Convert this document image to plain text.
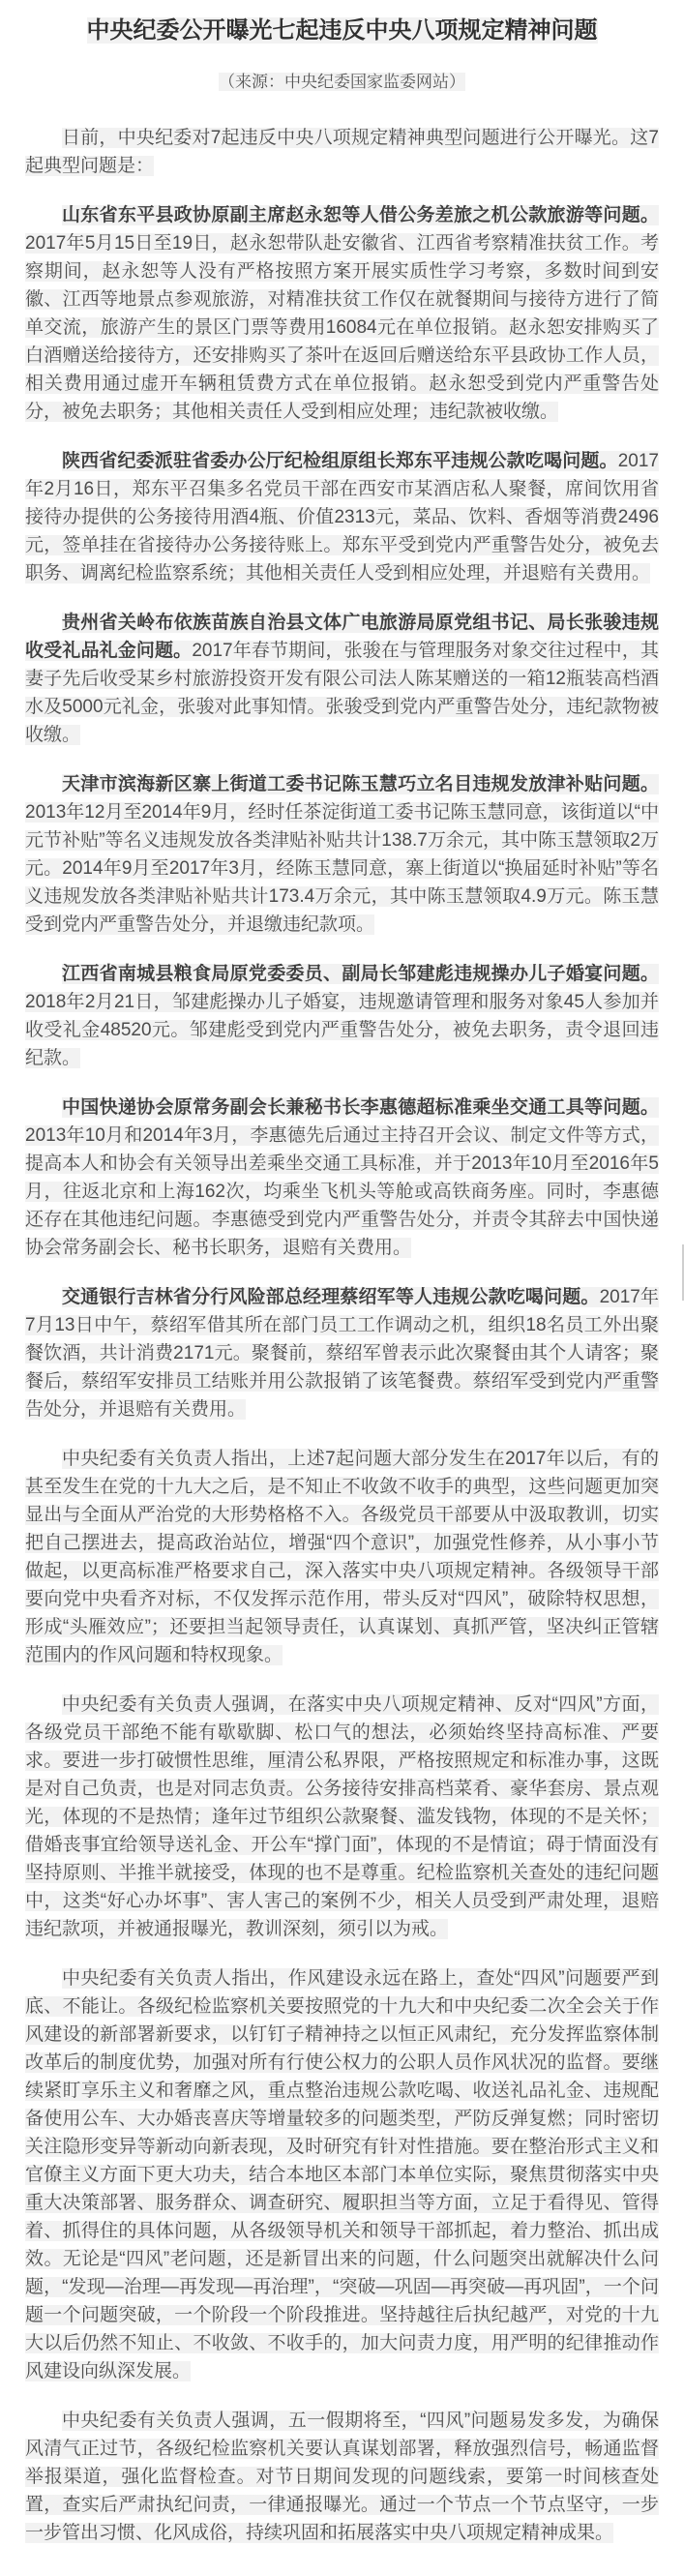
中央纪委公开曝光七起违反中央八项规定精神问题
（来源：中央纪委国家监委网站）

日前，中央纪委对7起违反中央八项规定精神典型问题进行公开曝光。这7起典型问题是：

山东省东平县政协原副主席赵永恕等人借公务差旅之机公款旅游等问题。2017年5月15日至19日，赵永恕带队赴安徽省、江西省考察精准扶贫工作。考察期间，赵永恕等人没有严格按照方案开展实质性学习考察，多数时间到安徽、江西等地景点参观旅游，对精准扶贫工作仅在就餐期间与接待方进行了简单交流，旅游产生的景区门票等费用16084元在单位报销。赵永恕安排购买了白酒赠送给接待方，还安排购买了茶叶在返回后赠送给东平县政协工作人员，相关费用通过虚开车辆租赁费方式在单位报销。赵永恕受到党内严重警告处分，被免去职务；其他相关责任人受到相应处理；违纪款被收缴。

陕西省纪委派驻省委办公厅纪检组原组长郑东平违规公款吃喝问题。2017年2月16日，郑东平召集多名党员干部在西安市某酒店私人聚餐，席间饮用省接待办提供的公务接待用酒4瓶、价值2313元，菜品、饮料、香烟等消费2496元，签单挂在省接待办公务接待账上。郑东平受到党内严重警告处分，被免去职务、调离纪检监察系统；其他相关责任人受到相应处理，并退赔有关费用。

贵州省关岭布依族苗族自治县文体广电旅游局原党组书记、局长张骏违规收受礼品礼金问题。2017年春节期间，张骏在与管理服务对象交往过程中，其妻子先后收受某乡村旅游投资开发有限公司法人陈某赠送的一箱12瓶装高档酒水及5000元礼金，张骏对此事知情。张骏受到党内严重警告处分，违纪款物被收缴。

天津市滨海新区寨上街道工委书记陈玉慧巧立名目违规发放津补贴问题。2013年12月至2014年9月，经时任茶淀街道工委书记陈玉慧同意，该街道以“中元节补贴”等名义违规发放各类津贴补贴共计138.7万余元，其中陈玉慧领取2万元。2014年9月至2017年3月，经陈玉慧同意，寨上街道以“换届延时补贴”等名义违规发放各类津贴补贴共计173.4万余元，其中陈玉慧领取4.9万元。陈玉慧受到党内严重警告处分，并退缴违纪款项。

江西省南城县粮食局原党委委员、副局长邹建彪违规操办儿子婚宴问题。2018年2月21日，邹建彪操办儿子婚宴，违规邀请管理和服务对象45人参加并收受礼金48520元。邹建彪受到党内严重警告处分，被免去职务，责令退回违纪款。

中国快递协会原常务副会长兼秘书长李惠德超标准乘坐交通工具等问题。2013年10月和2014年3月，李惠德先后通过主持召开会议、制定文件等方式，提高本人和协会有关领导出差乘坐交通工具标准，并于2013年10月至2016年5月，往返北京和上海162次，均乘坐飞机头等舱或高铁商务座。同时，李惠德还存在其他违纪问题。李惠德受到党内严重警告处分，并责令其辞去中国快递协会常务副会长、秘书长职务，退赔有关费用。

交通银行吉林省分行风险部总经理蔡绍军等人违规公款吃喝问题。2017年7月13日中午，蔡绍军借其所在部门员工工作调动之机，组织18名员工外出聚餐饮酒，共计消费2171元。聚餐前，蔡绍军曾表示此次聚餐由其个人请客；聚餐后，蔡绍军安排员工结账并用公款报销了该笔餐费。蔡绍军受到党内严重警告处分，并退赔有关费用。

中央纪委有关负责人指出，上述7起问题大部分发生在2017年以后，有的甚至发生在党的十九大之后，是不知止不收敛不收手的典型，这些问题更加突显出与全面从严治党的大形势格格不入。各级党员干部要从中汲取教训，切实把自己摆进去，提高政治站位，增强“四个意识”，加强党性修养，从小事小节做起，以更高标准严格要求自己，深入落实中央八项规定精神。各级领导干部要向党中央看齐对标，不仅发挥示范作用，带头反对“四风”，破除特权思想，形成“头雁效应”；还要担当起领导责任，认真谋划、真抓严管，坚决纠正管辖范围内的作风问题和特权现象。

中央纪委有关负责人强调，在落实中央八项规定精神、反对“四风”方面，各级党员干部绝不能有歇歇脚、松口气的想法，必须始终坚持高标准、严要求。要进一步打破惯性思维，厘清公私界限，严格按照规定和标准办事，这既是对自己负责，也是对同志负责。公务接待安排高档菜肴、豪华套房、景点观光，体现的不是热情；逢年过节组织公款聚餐、滥发钱物，体现的不是关怀；借婚丧事宜给领导送礼金、开公车“撑门面”，体现的不是情谊；碍于情面没有坚持原则、半推半就接受，体现的也不是尊重。纪检监察机关查处的违纪问题中，这类“好心办坏事”、害人害己的案例不少，相关人员受到严肃处理，退赔违纪款项，并被通报曝光，教训深刻，须引以为戒。

中央纪委有关负责人指出，作风建设永远在路上，查处“四风”问题要严到底、不能让。各级纪检监察机关要按照党的十九大和中央纪委二次全会关于作风建设的新部署新要求，以钉钉子精神持之以恒正风肃纪，充分发挥监察体制改革后的制度优势，加强对所有行使公权力的公职人员作风状况的监督。要继续紧盯享乐主义和奢靡之风，重点整治违规公款吃喝、收送礼品礼金、违规配备使用公车、大办婚丧喜庆等增量较多的问题类型，严防反弹复燃；同时密切关注隐形变异等新动向新表现，及时研究有针对性措施。要在整治形式主义和官僚主义方面下更大功夫，结合本地区本部门本单位实际，聚焦贯彻落实中央重大决策部署、服务群众、调查研究、履职担当等方面，立足于看得见、管得着、抓得住的具体问题，从各级领导机关和领导干部抓起，着力整治、抓出成效。无论是“四风”老问题，还是新冒出来的问题，什么问题突出就解决什么问题，“发现—治理—再发现—再治理”，“突破—巩固—再突破—再巩固”，一个问题一个问题突破，一个阶段一个阶段推进。坚持越往后执纪越严，对党的十九大以后仍然不知止、不收敛、不收手的，加大问责力度，用严明的纪律推动作风建设向纵深发展。

中央纪委有关负责人强调，五一假期将至，“四风”问题易发多发，为确保风清气正过节，各级纪检监察机关要认真谋划部署，释放强烈信号，畅通监督举报渠道，强化监督检查。对节日期间发现的问题线索，要第一时间核查处置，查实后严肃执纪问责，一律通报曝光。通过一个节点一个节点坚守，一步一步管出习惯、化风成俗，持续巩固和拓展落实中央八项规定精神成果。
